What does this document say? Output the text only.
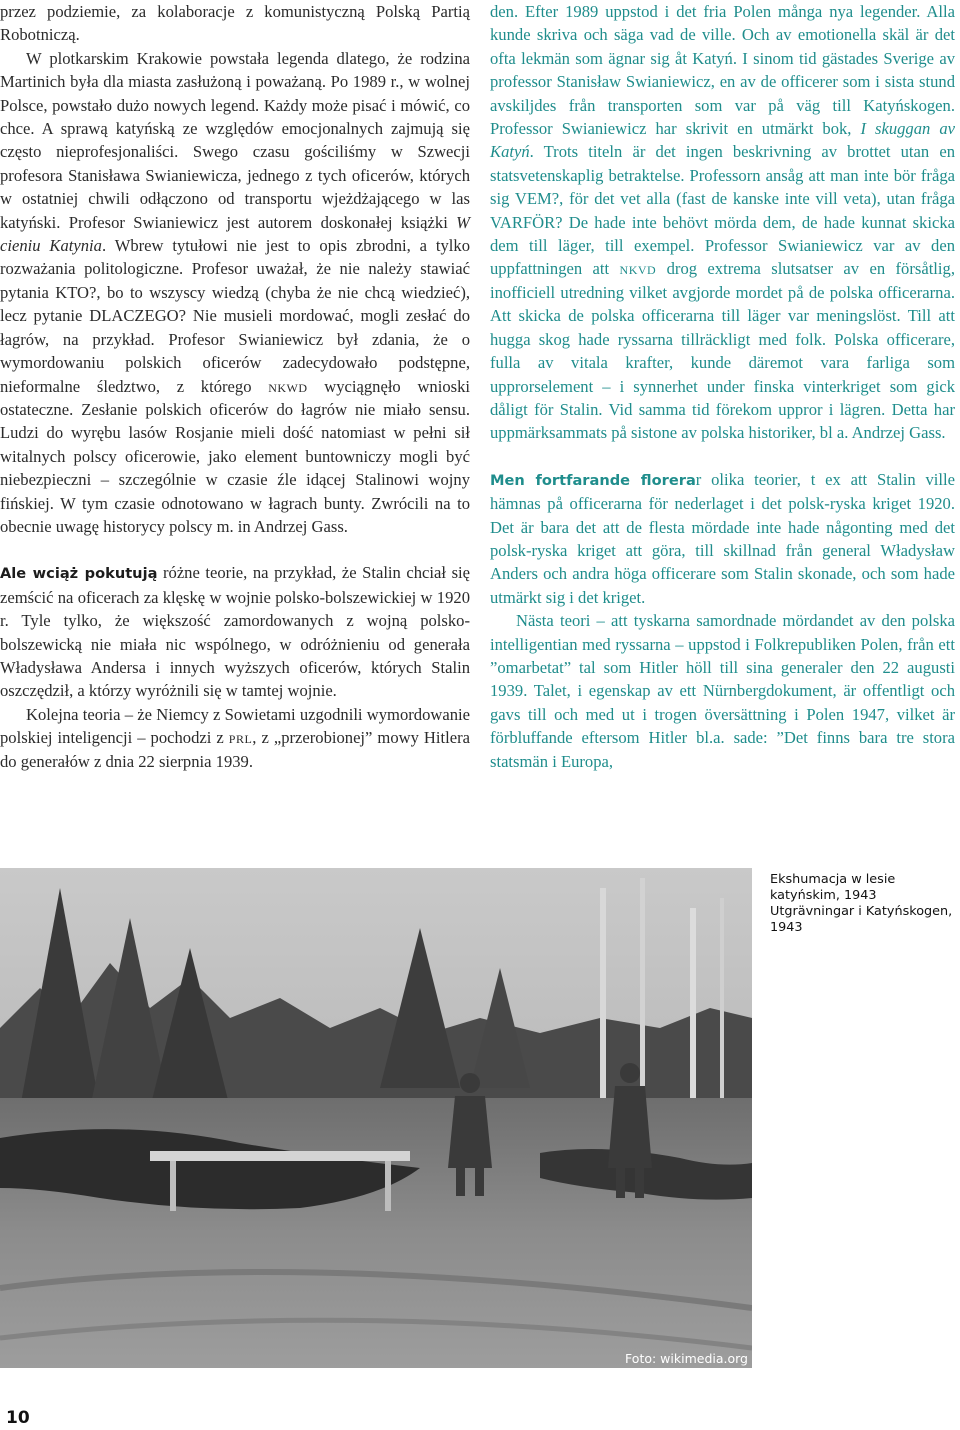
przez podziemie, za kolaboracje z komunistyczną Polską Partią Robotniczą.

W plotkarskim Krakowie powstała legenda dlatego, że rodzina Martinich była dla miasta zasłużoną i poważaną. Po 1989 r., w wolnej Polsce, powstało dużo nowych legend. Każdy może pisać i mówić, co chce. A sprawą katyńską ze względów emocjonalnych zajmują się często nieprofesjonaliści. Swego czasu gościliśmy w Szwecji profesora Stanisława Swianiewicza, jednego z tych oficerów, których w ostatniej chwili odłączono od transportu wjeżdżającego w las katyński. Profesor Swianiewicz jest autorem doskonałej książki W cieniu Katynia. Wbrew tytułowi nie jest to opis zbrodni, a tylko rozważania politologiczne. Profesor uważał, że nie należy stawiać pytania KTO?, bo to wszyscy wiedzą (chyba że nie chcą wiedzieć), lecz pytanie DLACZEGO? Nie musieli mordować, mogli zesłać do łagrów, na przykład. Profesor Swianiewicz był zdania, że o wymordowaniu polskich oficerów zadecydowało podstępne, nieformalne śledztwo, z którego nkwd wyciągnęło wnioski ostateczne. Zesłanie polskich oficerów do łagrów nie miało sensu. Ludzi do wyrębu lasów Rosjanie mieli dość natomiast w pełni sił witalnych polscy oficerowie, jako element buntowniczy mogli być niebezpieczni – szczególnie w czasie źle idącej Stalinowi wojny fińskiej. W tym czasie odnotowano w łagrach bunty. Zwrócili na to obecnie uwagę historycy polscy m. in Andrzej Gass.

Ale wciąż pokutują różne teorie, na przykład, że Stalin chciał się zemścić na oficerach za klęskę w wojnie polsko-bolszewickiej w 1920 r. Tyle tylko, że większość zamordowanych z wojną polsko-bolszewicką nie miała nic wspólnego, w odróżnieniu od generała Władysława Andersa i innych wyższych oficerów, których Stalin oszczędził, a którzy wyróżnili się w tamtej wojnie.

Kolejna teoria – że Niemcy z Sowietami uzgodnili wymordowanie polskiej inteligencji – pochodzi z prl, z „przerobionej” mowy Hitlera do generałów z dnia 22 sierpnia 1939.

den. Efter 1989 uppstod i det fria Polen många nya legender. Alla kunde skriva och säga vad de ville. Och av emotionella skäl är det ofta lekmän som ägnar sig åt Katyń. I sinom tid gästades Sverige av professor Stanisław Swianiewicz, en av de officerer som i sista stund avskiljdes från transporten som var på väg till Katyńskogen. Professor Swianiewicz har skrivit en utmärkt bok, I skuggan av Katyń. Trots titeln är det ingen beskrivning av brottet utan en statsvetenskaplig betraktelse. Professorn ansåg att man inte bör fråga sig VEM?, för det vet alla (fast de kanske inte vill veta), utan fråga VARFÖR? De hade inte behövt mörda dem, de hade kunnat skicka dem till läger, till exempel. Professor Swianiewicz var av den uppfattningen att nkvd drog extrema slutsatser av en försåtlig, inofficiell utredning vilket avgjorde mordet på de polska officerarna. Att skicka de polska officerarna till läger var meningslöst. Till att hugga skog hade ryssarna tillräckligt med folk. Polska officerare, fulla av vitala krafter, kunde däremot vara farliga som upprorselement – i synnerhet under finska vinterkriget som gick dåligt för Stalin. Vid samma tid förekom uppror i lägren. Detta har uppmärksammats på sistone av polska historiker, bl a. Andrzej Gass.

Men fortfarande florerar olika teorier, t ex att Stalin ville hämnas på officerarna för nederlaget i det polsk-ryska kriget 1920. Det är bara det att de flesta mördade inte hade någonting med det polsk-ryska kriget att göra, till skillnad från general Władysław Anders och andra höga officerare som Stalin skonade, och som hade utmärkt sig i det kriget.

Nästa teori – att tyskarna samordnade mördandet av den polska intelligentian med ryssarna – uppstod i Folkrepubliken Polen, från ett ”omarbetat” tal som Hitler höll till sina generaler den 22 augusti 1939. Talet, i egenskap av ett Nürnbergdokument, är offentligt och gavs till och med ut i trogen översättning i Polen 1947, vilket är förbluffande eftersom Hitler bl.a. sade: ”Det finns bara tre stora statsmän i Europa,

Foto: wikimedia.org
Ekshumacja w lesie katyńskim, 1943
Utgrävningar i Katyńskogen, 1943
10
